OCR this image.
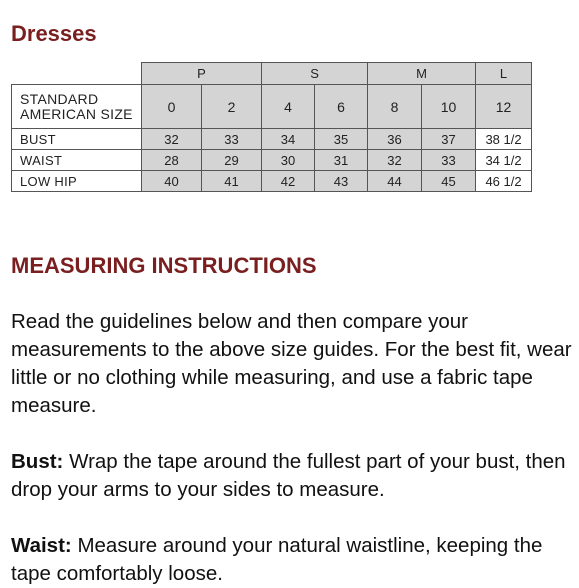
Dresses
	P		S		M		L
STANDARD
AMERICAN SIZE	0	2	4	6	8	10	12
BUST	32	33	34	35	36	37	38 1/2
WAIST	28	29	30	31	32	33	34 1/2
LOW HIP	40	41	42	43	44	45	46 1/2
MEASURING INSTRUCTIONS

Read the guidelines below and then compare your measurements to the above size guides. For the best fit, wear little or no clothing while measuring, and use a fabric tape measure.

Bust: Wrap the tape around the fullest part of your bust, then drop your arms to your sides to measure.

Waist: Measure around your natural waistline, keeping the tape comfortably loose.
